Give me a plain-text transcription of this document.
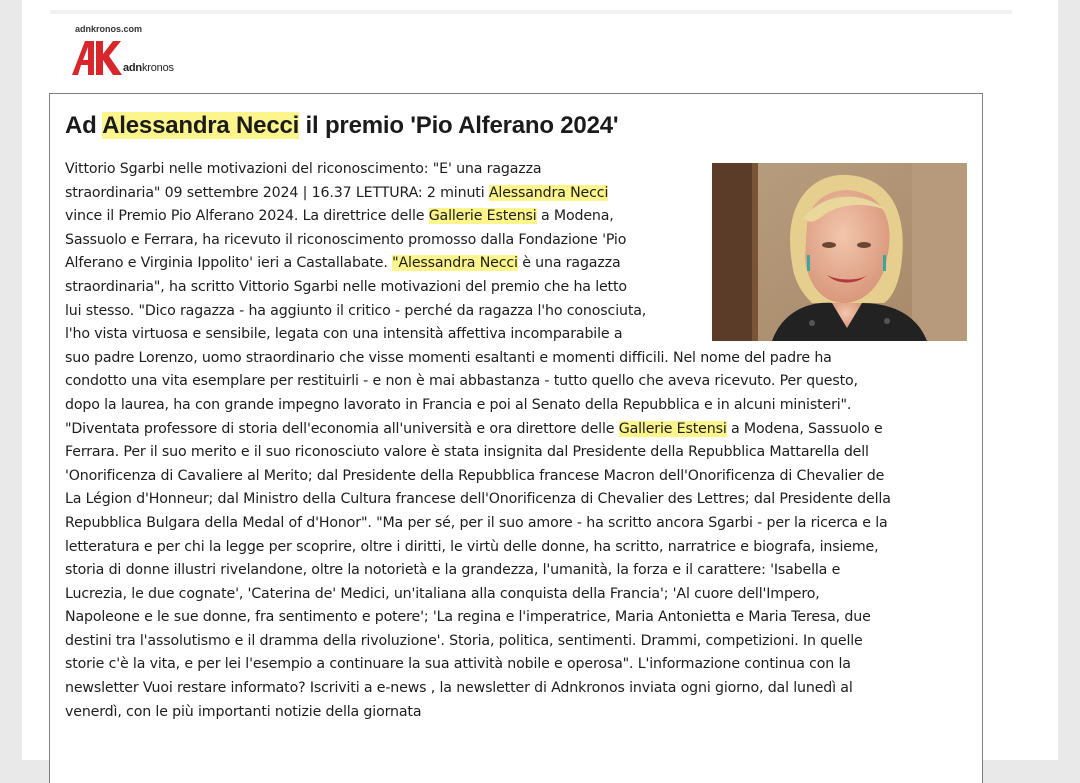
adnkronos.com
adnkronos
Ad Alessandra Necci il premio 'Pio Alferano 2024'

Vittorio Sgarbi nelle motivazioni del riconoscimento: "E' una ragazza
straordinaria" 09 settembre 2024 | 16.37 LETTURA: 2 minuti Alessandra Necci
vince il Premio Pio Alferano 2024. La direttrice delle Gallerie Estensi a Modena,
Sassuolo e Ferrara, ha ricevuto il riconoscimento promosso dalla Fondazione 'Pio
Alferano e Virginia Ippolito' ieri a Castallabate. "Alessandra Necci è una ragazza
straordinaria", ha scritto Vittorio Sgarbi nelle motivazioni del premio che ha letto
lui stesso. "Dico ragazza - ha aggiunto il critico - perché da ragazza l'ho conosciuta,
l'ho vista virtuosa e sensibile, legata con una intensità affettiva incomparabile a
suo padre Lorenzo, uomo straordinario che visse momenti esaltanti e momenti difficili. Nel nome del padre ha
condotto una vita esemplare per restituirli - e non è mai abbastanza - tutto quello che aveva ricevuto. Per questo,
dopo la laurea, ha con grande impegno lavorato in Francia e poi al Senato della Repubblica e in alcuni ministeri".
"Diventata professore di storia dell'economia all'università e ora direttore delle Gallerie Estensi a Modena, Sassuolo e
Ferrara. Per il suo merito e il suo riconosciuto valore è stata insignita dal Presidente della Repubblica Mattarella dell
'Onorificenza di Cavaliere al Merito; dal Presidente della Repubblica francese Macron dell'Onorificenza di Chevalier de
La Légion d'Honneur; dal Ministro della Cultura francese dell'Onorificenza di Chevalier des Lettres; dal Presidente della
Repubblica Bulgara della Medal of d'Honor". "Ma per sé, per il suo amore - ha scritto ancora Sgarbi - per la ricerca e la
letteratura e per chi la legge per scoprire, oltre i diritti, le virtù delle donne, ha scritto, narratrice e biografa, insieme,
storia di donne illustri rivelandone, oltre la notorietà e la grandezza, l'umanità, la forza e il carattere: 'Isabella e
Lucrezia, le due cognate', 'Caterina de' Medici, un'italiana alla conquista della Francia'; 'Al cuore dell'Impero,
Napoleone e le sue donne, fra sentimento e potere'; 'La regina e l'imperatrice, Maria Antonietta e Maria Teresa, due
destini tra l'assolutismo e il dramma della rivoluzione'. Storia, politica, sentimenti. Drammi, competizioni. In quelle
storie c'è la vita, e per lei l'esempio a continuare la sua attività nobile e operosa". L'informazione continua con la
newsletter Vuoi restare informato? Iscriviti a e-news , la newsletter di Adnkronos inviata ogni giorno, dal lunedì al
venerdì, con le più importanti notizie della giornata
